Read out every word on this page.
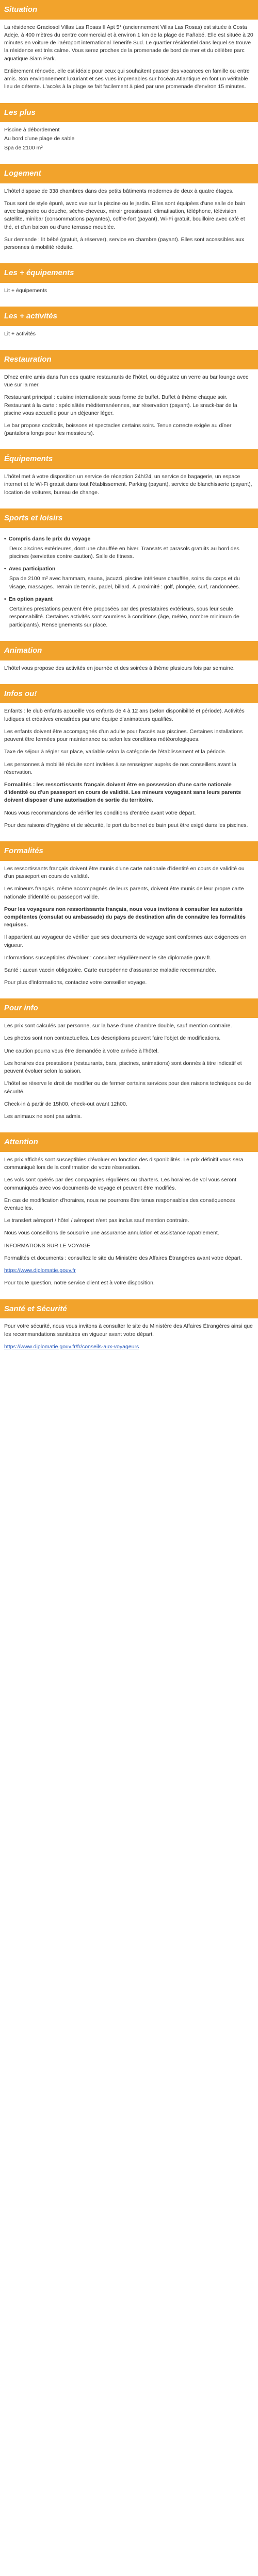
Situation

La résidence Graciosol Villas Las Rosas II Apt 5* (anciennement Villas Las Rosas) est située à Costa Adeje, à 400 mètres du centre commercial et à environ 1 km de la plage de Fañabé. Elle est située à 20 minutes en voiture de l'aéroport international Tenerife Sud. Le quartier résidentiel dans lequel se trouve la résidence est très calme. Vous serez proches de la promenade de bord de mer et du célèbre parc aquatique Siam Park.

Entièrement rénovée, elle est idéale pour ceux qui souhaitent passer des vacances en famille ou entre amis. Son environnement luxuriant et ses vues imprenables sur l'océan Atlantique en font un véritable lieu de détente. L'accès à la plage se fait facilement à pied par une promenade d'environ 15 minutes.

Les plus
Piscine à débordement
Au bord d'une plage de sable
Spa de 2100 m²
Logement

L'hôtel dispose de 338 chambres dans des petits bâtiments modernes de deux à quatre étages.

Tous sont de style épuré, avec vue sur la piscine ou le jardin. Elles sont équipées d'une salle de bain avec baignoire ou douche, sèche-cheveux, miroir grossissant, climatisation, téléphone, télévision satellite, minibar (consommations payantes), coffre-fort (payant), Wi-Fi gratuit, bouilloire avec café et thé, et d'un balcon ou d'une terrasse meublée.

Sur demande : lit bébé (gratuit, à réserver), service en chambre (payant). Elles sont accessibles aux personnes à mobilité réduite.

Les + équipements

Lit + équipements

Les + activités

Lit + activités

Restauration

Dînez entre amis dans l'un des quatre restaurants de l'hôtel, ou dégustez un verre au bar lounge avec vue sur la mer.

Restaurant principal : cuisine internationale sous forme de buffet. Buffet à thème chaque soir. Restaurant à la carte : spécialités méditerranéennes, sur réservation (payant). Le snack-bar de la piscine vous accueille pour un déjeuner léger.

Le bar propose cocktails, boissons et spectacles certains soirs. Tenue correcte exigée au dîner (pantalons longs pour les messieurs).

Équipements

L'hôtel met à votre disposition un service de réception 24h/24, un service de bagagerie, un espace internet et le Wi-Fi gratuit dans tout l'établissement. Parking (payant), service de blanchisserie (payant), location de voitures, bureau de change.

Sports et loisirs
• Compris dans le prix du voyage

Deux piscines extérieures, dont une chauffée en hiver. Transats et parasols gratuits au bord des piscines (serviettes contre caution). Salle de fitness.

• Avec participation

Spa de 2100 m² avec hammam, sauna, jacuzzi, piscine intérieure chauffée, soins du corps et du visage, massages. Terrain de tennis, padel, billard. À proximité : golf, plongée, surf, randonnées.

• En option payant

Certaines prestations peuvent être proposées par des prestataires extérieurs, sous leur seule responsabilité. Certaines activités sont soumises à conditions (âge, météo, nombre minimum de participants). Renseignements sur place.

Animation

L'hôtel vous propose des activités en journée et des soirées à thème plusieurs fois par semaine.

Infos ou!

Enfants : le club enfants accueille vos enfants de 4 à 12 ans (selon disponibilité et période). Activités ludiques et créatives encadrées par une équipe d'animateurs qualifiés.

Les enfants doivent être accompagnés d'un adulte pour l'accès aux piscines. Certaines installations peuvent être fermées pour maintenance ou selon les conditions météorologiques.

Taxe de séjour à régler sur place, variable selon la catégorie de l'établissement et la période.

Les personnes à mobilité réduite sont invitées à se renseigner auprès de nos conseillers avant la réservation.

Formalités : les ressortissants français doivent être en possession d'une carte nationale d'identité ou d'un passeport en cours de validité. Les mineurs voyageant sans leurs parents doivent disposer d'une autorisation de sortie du territoire.

Nous vous recommandons de vérifier les conditions d'entrée avant votre départ.

Pour des raisons d'hygiène et de sécurité, le port du bonnet de bain peut être exigé dans les piscines.

Formalités

Les ressortissants français doivent être munis d'une carte nationale d'identité en cours de validité ou d'un passeport en cours de validité.

Les mineurs français, même accompagnés de leurs parents, doivent être munis de leur propre carte nationale d'identité ou passeport valide.

Pour les voyageurs non ressortissants français, nous vous invitons à consulter les autorités compétentes (consulat ou ambassade) du pays de destination afin de connaître les formalités requises.

Il appartient au voyageur de vérifier que ses documents de voyage sont conformes aux exigences en vigueur.

Informations susceptibles d'évoluer : consultez régulièrement le site diplomatie.gouv.fr.

Santé : aucun vaccin obligatoire. Carte européenne d'assurance maladie recommandée.

Pour plus d'informations, contactez votre conseiller voyage.

Pour info

Les prix sont calculés par personne, sur la base d'une chambre double, sauf mention contraire.

Les photos sont non contractuelles. Les descriptions peuvent faire l'objet de modifications.

Une caution pourra vous être demandée à votre arrivée à l'hôtel.

Les horaires des prestations (restaurants, bars, piscines, animations) sont donnés à titre indicatif et peuvent évoluer selon la saison.

L'hôtel se réserve le droit de modifier ou de fermer certains services pour des raisons techniques ou de sécurité.

Check-in à partir de 15h00, check-out avant 12h00.

Les animaux ne sont pas admis.

Attention

Les prix affichés sont susceptibles d'évoluer en fonction des disponibilités. Le prix définitif vous sera communiqué lors de la confirmation de votre réservation.

Les vols sont opérés par des compagnies régulières ou charters. Les horaires de vol vous seront communiqués avec vos documents de voyage et peuvent être modifiés.

En cas de modification d'horaires, nous ne pourrons être tenus responsables des conséquences éventuelles.

Le transfert aéroport / hôtel / aéroport n'est pas inclus sauf mention contraire.

Nous vous conseillons de souscrire une assurance annulation et assistance rapatriement.

INFORMATIONS SUR LE VOYAGE

Formalités et documents : consultez le site du Ministère des Affaires Étrangères avant votre départ.

https://www.diplomatie.gouv.fr

Pour toute question, notre service client est à votre disposition.

Santé et Sécurité

Pour votre sécurité, nous vous invitons à consulter le site du Ministère des Affaires Étrangères ainsi que les recommandations sanitaires en vigueur avant votre départ.

https://www.diplomatie.gouv.fr/fr/conseils-aux-voyageurs
